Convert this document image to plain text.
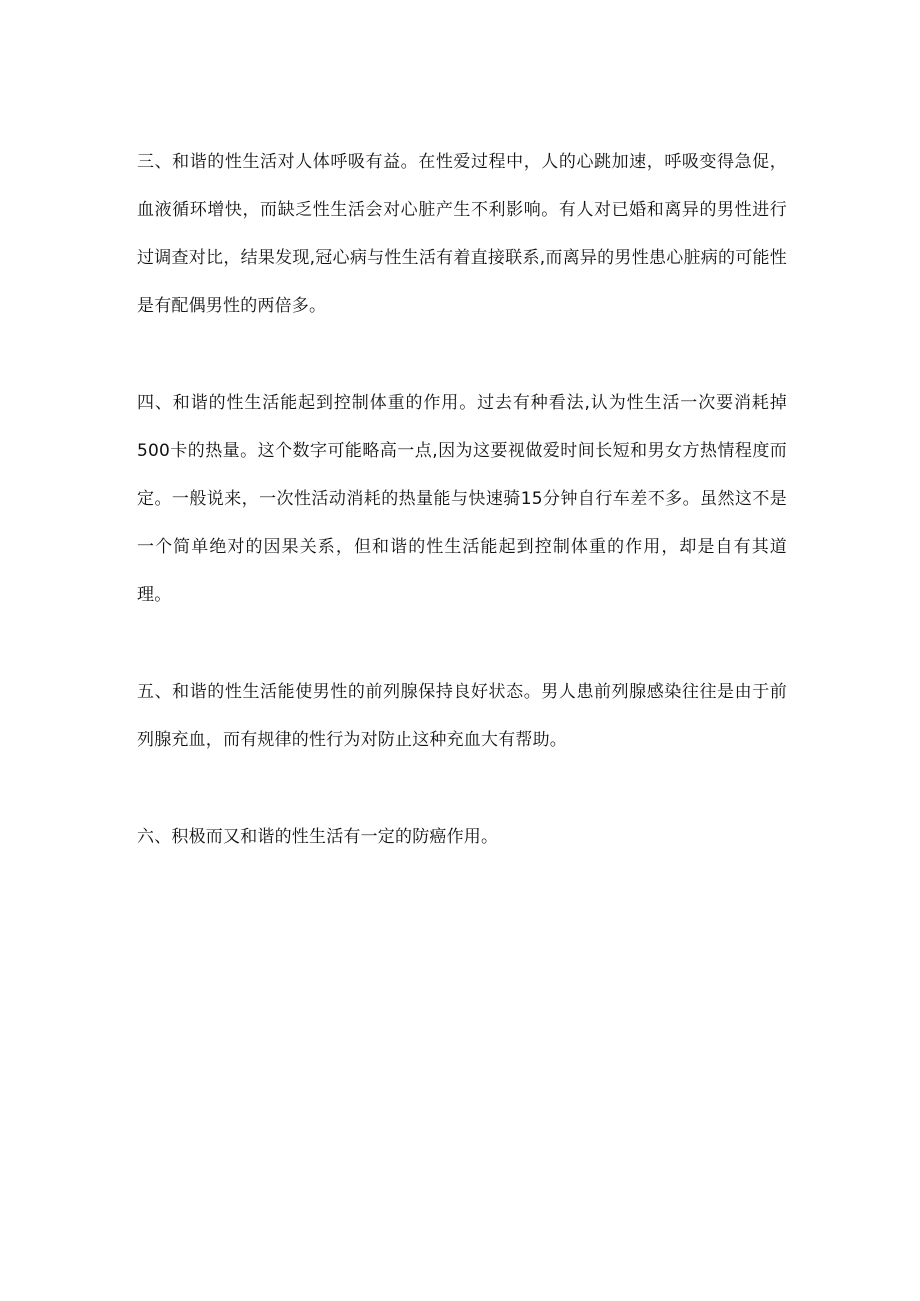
三、和谐的性生活对人体呼吸有益。在性爱过程中，人的心跳加速，呼吸变得急促，血液循环增快，而缺乏性生活会对心脏产生不利影响。有人对已婚和离异的男性进行过调查对比，结果发现,冠心病与性生活有着直接联系,而离异的男性患心脏病的可能性是有配偶男性的两倍多。

四、和谐的性生活能起到控制体重的作用。过去有种看法,认为性生活一次要消耗掉500卡的热量。这个数字可能略高一点,因为这要视做爱时间长短和男女方热情程度而定。一般说来，一次性活动消耗的热量能与快速骑15分钟自行车差不多。虽然这不是一个简单绝对的因果关系，但和谐的性生活能起到控制体重的作用，却是自有其道理。

五、和谐的性生活能使男性的前列腺保持良好状态。男人患前列腺感染往往是由于前列腺充血，而有规律的性行为对防止这种充血大有帮助。

六、积极而又和谐的性生活有一定的防癌作用。
